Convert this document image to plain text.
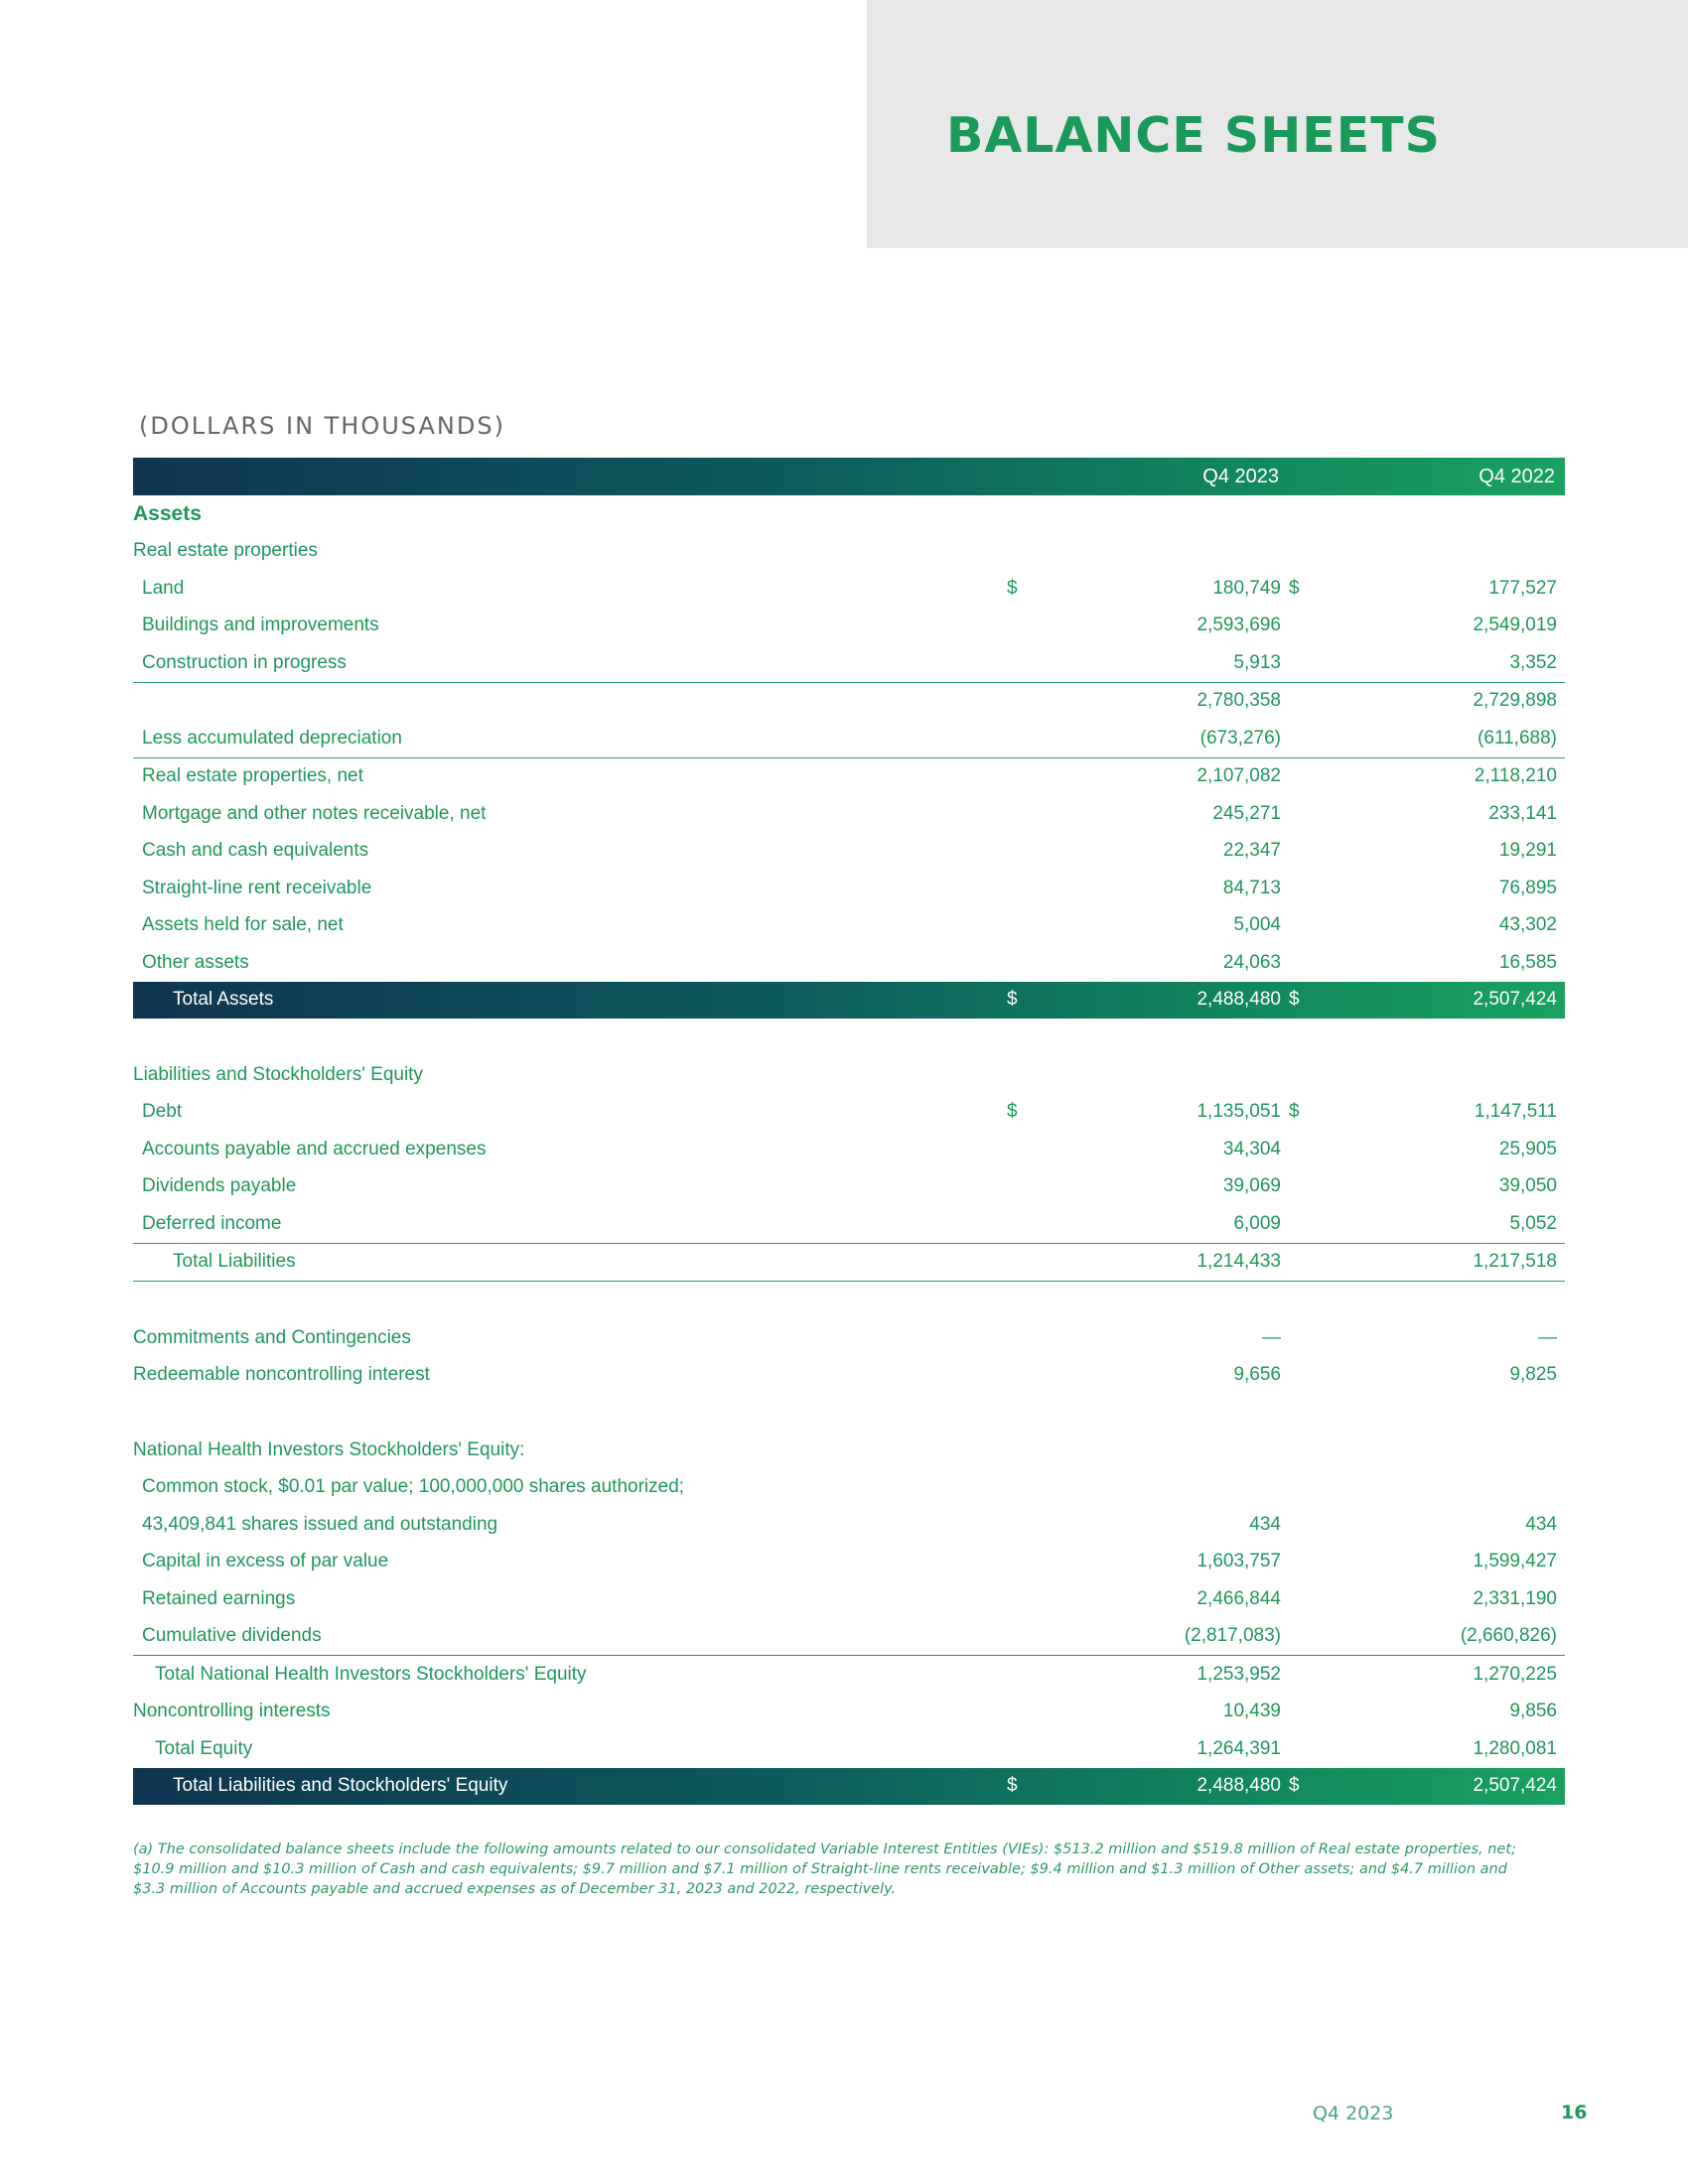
BALANCE SHEETS
(DOLLARS IN THOUSANDS)
		Q4 2023		Q4 2022
Assets				
Real estate properties				
Land	$	180,749	$	177,527
Buildings and improvements		2,593,696		2,549,019
Construction in progress		5,913		3,352
		2,780,358		2,729,898
Less accumulated depreciation		(673,276)		(611,688)
Real estate properties, net		2,107,082		2,118,210
Mortgage and other notes receivable, net		245,271		233,141
Cash and cash equivalents		22,347		19,291
Straight-line rent receivable		84,713		76,895
Assets held for sale, net		5,004		43,302
Other assets		24,063		16,585
Total Assets	$	2,488,480	$	2,507,424

Liabilities and Stockholders' Equity				
Debt	$	1,135,051	$	1,147,511
Accounts payable and accrued expenses		34,304		25,905
Dividends payable		39,069		39,050
Deferred income		6,009		5,052
Total Liabilities		1,214,433		1,217,518

Commitments and Contingencies		—		—
Redeemable noncontrolling interest		9,656		9,825

National Health Investors Stockholders' Equity:				
Common stock, $0.01 par value; 100,000,000 shares authorized;				
43,409,841 shares issued and outstanding		434		434
Capital in excess of par value		1,603,757		1,599,427
Retained earnings		2,466,844		2,331,190
Cumulative dividends		(2,817,083)		(2,660,826)
Total National Health Investors Stockholders' Equity		1,253,952		1,270,225
Noncontrolling interests		10,439		9,856
Total Equity		1,264,391		1,280,081
Total Liabilities and Stockholders' Equity	$	2,488,480	$	2,507,424

(a) The consolidated balance sheets include the following amounts related to our consolidated Variable Interest Entities (VIEs): $513.2 million and $519.8 million of Real estate properties, net; $10.9 million and $10.3 million of Cash and cash equivalents; $9.7 million and $7.1 million of Straight-line rents receivable; $9.4 million and $1.3 million of Other assets; and $4.7 million and $3.3 million of Accounts payable and accrued expenses as of December 31, 2023 and 2022, respectively.

Q4 2023	16
